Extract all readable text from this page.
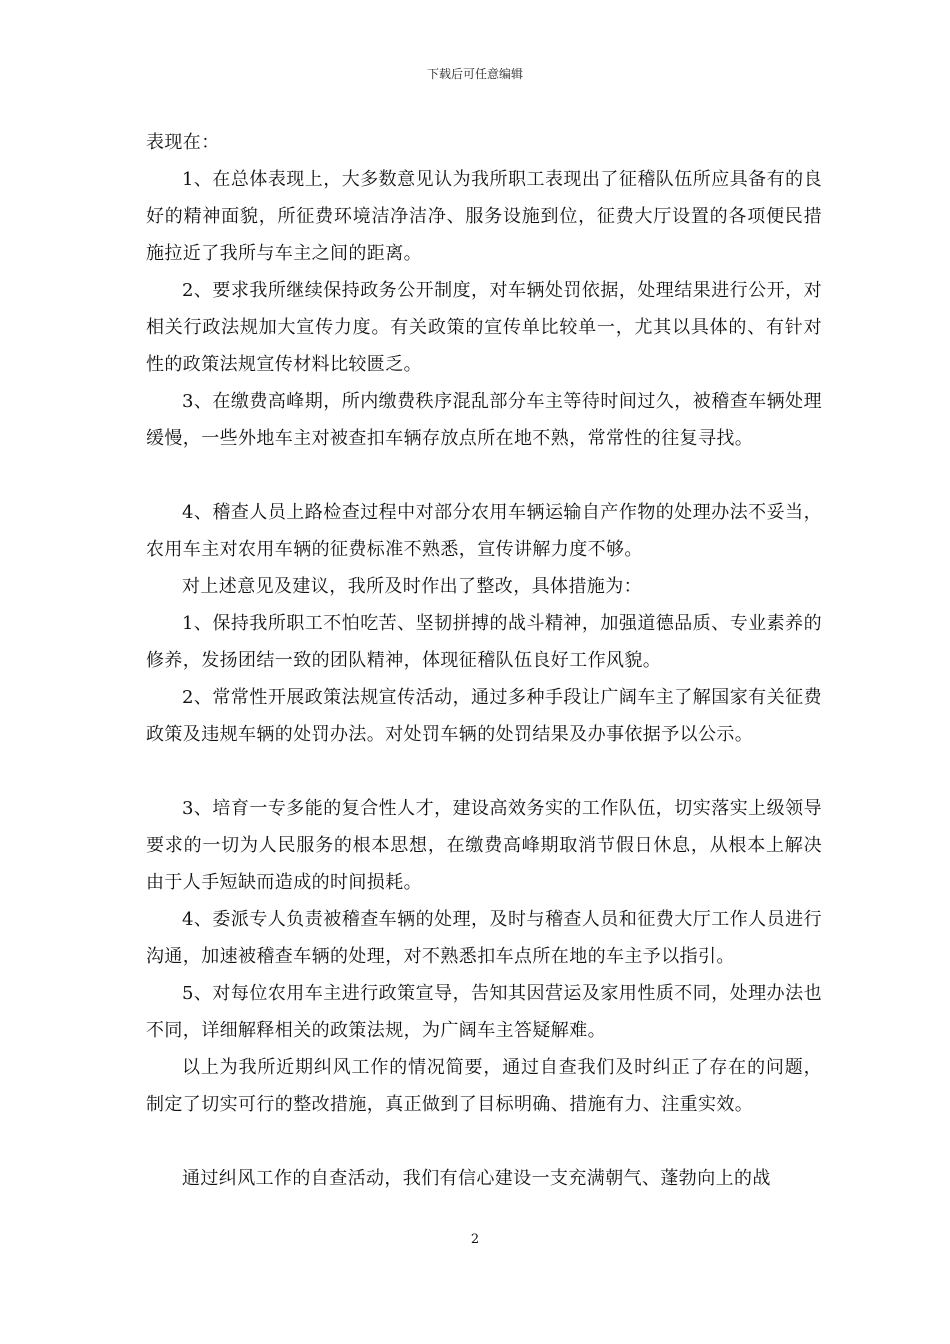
下载后可任意编辑

表现在：

1、在总体表现上，大多数意见认为我所职工表现出了征稽队伍所应具备有的良好的精神面貌，所征费环境洁净洁净、服务设施到位，征费大厅设置的各项便民措施拉近了我所与车主之间的距离。

2、要求我所继续保持政务公开制度，对车辆处罚依据，处理结果进行公开，对相关行政法规加大宣传力度。有关政策的宣传单比较单一，尤其以具体的、有针对性的政策法规宣传材料比较匮乏。

3、在缴费高峰期，所内缴费秩序混乱部分车主等待时间过久，被稽查车辆处理缓慢，一些外地车主对被查扣车辆存放点所在地不熟，常常性的往复寻找。

4、稽查人员上路检查过程中对部分农用车辆运输自产作物的处理办法不妥当，农用车主对农用车辆的征费标准不熟悉，宣传讲解力度不够。

对上述意见及建议，我所及时作出了整改，具体措施为：

1、保持我所职工不怕吃苦、坚韧拼搏的战斗精神，加强道德品质、专业素养的修养，发扬团结一致的团队精神，体现征稽队伍良好工作风貌。

2、常常性开展政策法规宣传活动，通过多种手段让广阔车主了解国家有关征费政策及违规车辆的处罚办法。对处罚车辆的处罚结果及办事依据予以公示。

3、培育一专多能的复合性人才，建设高效务实的工作队伍，切实落实上级领导要求的一切为人民服务的根本思想，在缴费高峰期取消节假日休息，从根本上解决由于人手短缺而造成的时间损耗。

4、委派专人负责被稽查车辆的处理，及时与稽查人员和征费大厅工作人员进行沟通，加速被稽查车辆的处理，对不熟悉扣车点所在地的车主予以指引。

5、对每位农用车主进行政策宣导，告知其因营运及家用性质不同，处理办法也不同，详细解释相关的政策法规，为广阔车主答疑解难。

以上为我所近期纠风工作的情况简要，通过自查我们及时纠正了存在的问题，制定了切实可行的整改措施，真正做到了目标明确、措施有力、注重实效。

通过纠风工作的自查活动，我们有信心建设一支充满朝气、蓬勃向上的战

2
